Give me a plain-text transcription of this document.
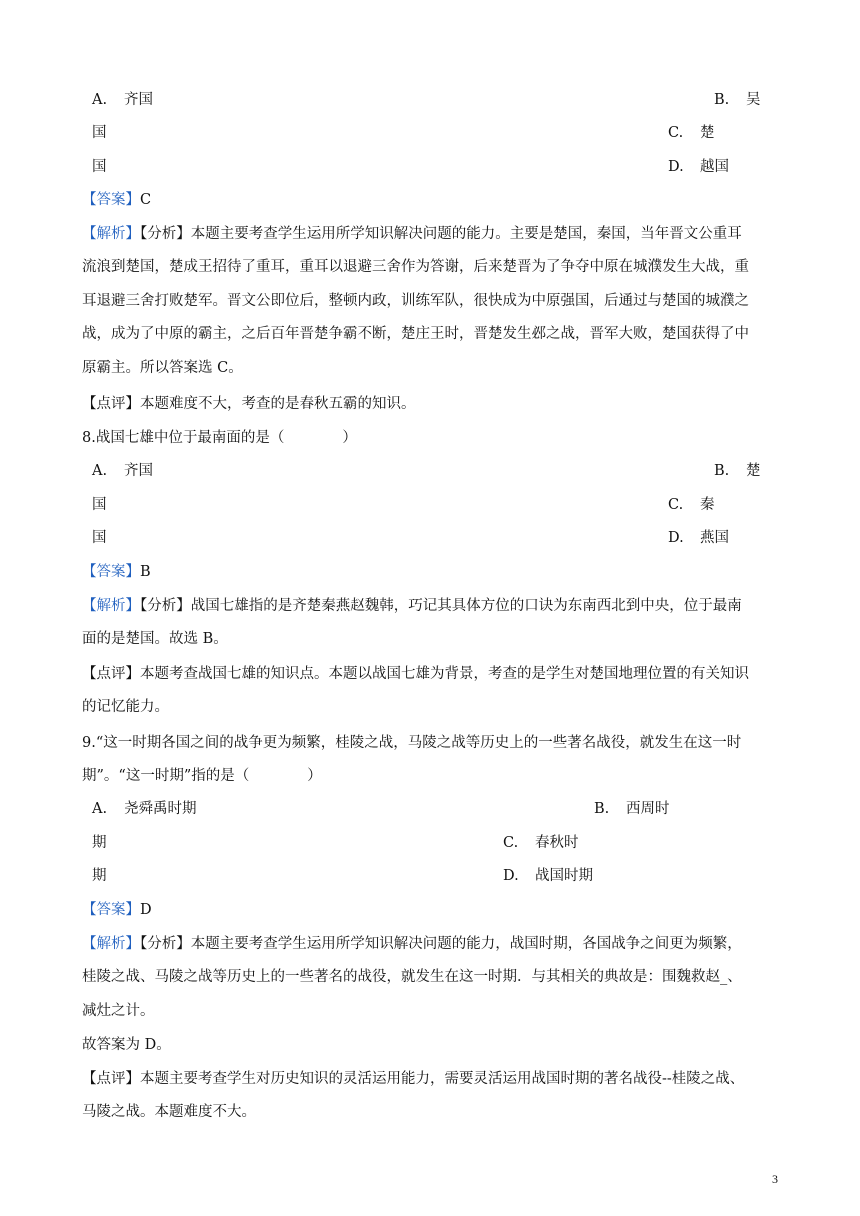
A. 齐国	B. 吴
国	C. 楚
国	D. 越国
【答案】C
【解析】【分析】本题主要考查学生运用所学知识解决问题的能力。主要是楚国，秦国，当年晋文公重耳
流浪到楚国，楚成王招待了重耳，重耳以退避三舍作为答谢，后来楚晋为了争夺中原在城濮发生大战，重
耳退避三舍打败楚军。晋文公即位后，整顿内政，训练军队，很快成为中原强国，后通过与楚国的城濮之
战，成为了中原的霸主，之后百年晋楚争霸不断，楚庄王时，晋楚发生邲之战，晋军大败，楚国获得了中
原霸主。所以答案选 C。
【点评】本题难度不大，考查的是春秋五霸的知识。
8.战国七雄中位于最南面的是（　　　　）
A. 齐国	B. 楚
国	C. 秦
国	D. 燕国
【答案】B
【解析】【分析】战国七雄指的是齐楚秦燕赵魏韩，巧记其具体方位的口诀为东南西北到中央，位于最南
面的是楚国。故选 B。
【点评】本题考查战国七雄的知识点。本题以战国七雄为背景，考查的是学生对楚国地理位置的有关知识
的记忆能力。
9.“这一时期各国之间的战争更为频繁，桂陵之战，马陵之战等历史上的一些著名战役，就发生在这一时
期”。“这一时期”指的是（　　　　）
A. 尧舜禹时期	B. 西周时
期	C. 春秋时
期	D. 战国时期
【答案】D
【解析】【分析】本题主要考查学生运用所学知识解决问题的能力，战国时期，各国战争之间更为频繁，
桂陵之战、马陵之战等历史上的一些著名的战役，就发生在这一时期．与其相关的典故是：围魏救赵_、
减灶之计。
故答案为 D。
【点评】本题主要考查学生对历史知识的灵活运用能力，需要灵活运用战国时期的著名战役--桂陵之战、
马陵之战。本题难度不大。
3
